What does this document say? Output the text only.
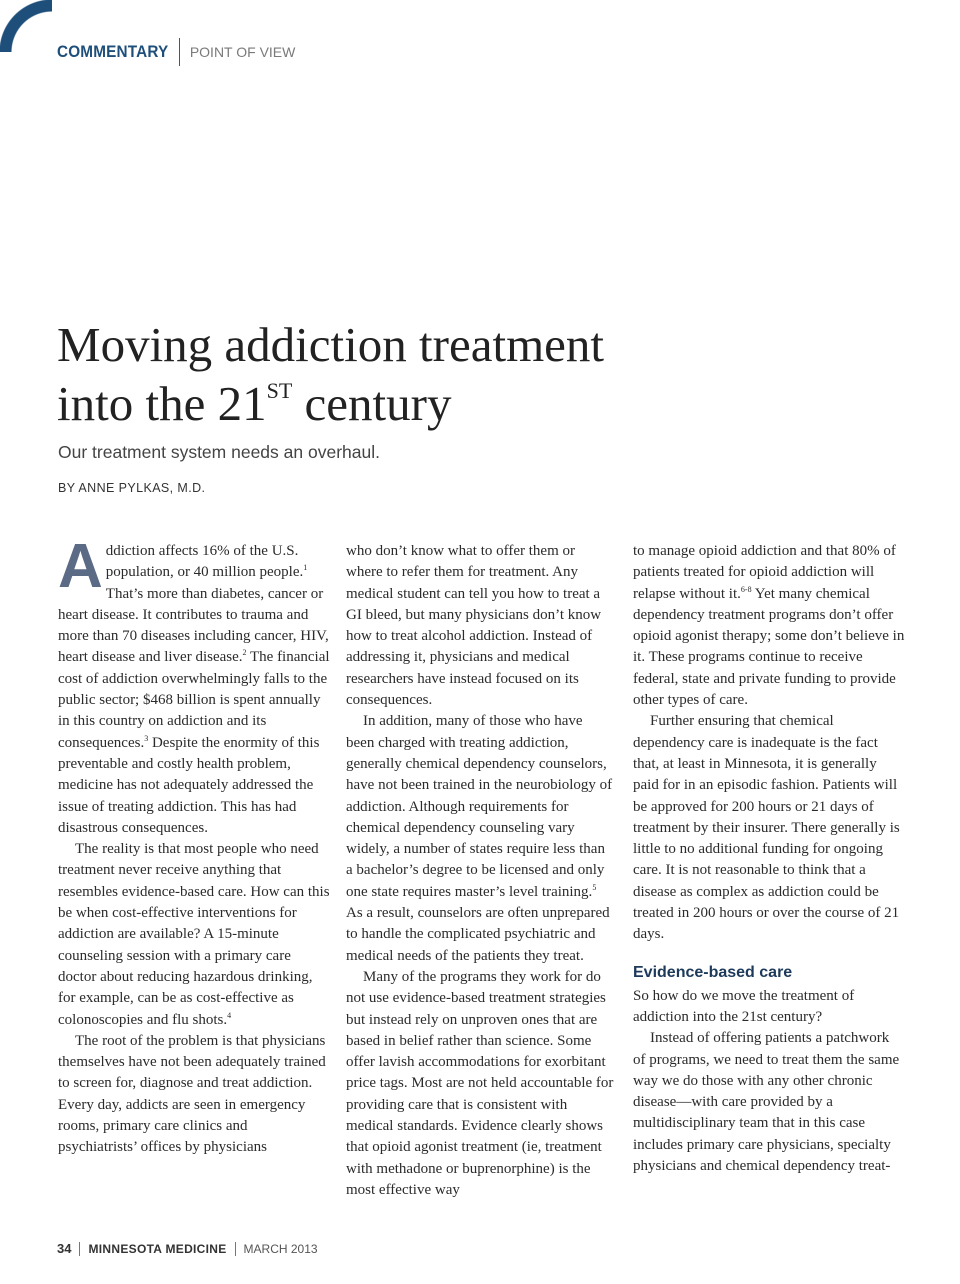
COMMENTARY POINT OF VIEW
Moving addiction treatment
into the 21ST century
Our treatment system needs an overhaul.
BY ANNE PYLKAS, M.D.

Addiction affects 16% of the U.S. population, or 40 million people.$^1$ That’s more than diabetes, cancer or heart disease. It contributes to trauma and more than 70 diseases including cancer, HIV, heart disease and liver disease.$^2$ The financial cost of addiction overwhelmingly falls to the public sector; $468 billion is spent annually in this country on addiction and its consequences.$^3$ Despite the enormity of this preventable and costly health problem, medicine has not adequately addressed the issue of treating addiction. This has had disastrous consequences.

The reality is that most people who need treatment never receive anything that resembles evidence-based care. How can this be when cost-effective interventions for addiction are available? A 15-minute counseling session with a primary care doctor about reducing hazardous drinking, for example, can be as cost-effective as colonoscopies and flu shots.$^4$

The root of the problem is that physicians themselves have not been adequately trained to screen for, diagnose and treat addiction. Every day, addicts are seen in emergency rooms, primary care clinics and psychiatrists’ offices by physicians

who don’t know what to offer them or where to refer them for treatment. Any medical student can tell you how to treat a GI bleed, but many physicians don’t know how to treat alcohol addiction. Instead of addressing it, physicians and medical researchers have instead focused on its consequences.

In addition, many of those who have been charged with treating addiction, generally chemical dependency counselors, have not been trained in the neurobiology of addiction. Although requirements for chemical dependency counseling vary widely, a number of states require less than a bachelor’s degree to be licensed and only one state requires master’s level training.$^5$ As a result, counselors are often unprepared to handle the complicated psychiatric and medical needs of the patients they treat.

Many of the programs they work for do not use evidence-based treatment strategies but instead rely on unproven ones that are based in belief rather than science. Some offer lavish accommodations for exorbitant price tags. Most are not held accountable for providing care that is consistent with medical standards. Evidence clearly shows that opioid agonist treatment (ie, treatment with methadone or buprenorphine) is the most effective way

to manage opioid addiction and that 80% of patients treated for opioid addiction will relapse without it.$^{6-8}$ Yet many chemical dependency treatment programs don’t offer opioid agonist therapy; some don’t believe in it. These programs continue to receive federal, state and private funding to provide other types of care.

Further ensuring that chemical dependency care is inadequate is the fact that, at least in Minnesota, it is generally paid for in an episodic fashion. Patients will be approved for 200 hours or 21 days of treatment by their insurer. There generally is little to no additional funding for ongoing care. It is not reasonable to think that a disease as complex as addiction could be treated in 200 hours or over the course of 21 days.

Evidence-based care

So how do we move the treatment of addiction into the 21st century?

Instead of offering patients a patchwork of programs, we need to treat them the same way we do those with any other chronic disease—with care provided by a multidisciplinary team that in this case includes primary care physicians, specialty physicians and chemical dependency treat-

34 MINNESOTA MEDICINE MARCH 2013
